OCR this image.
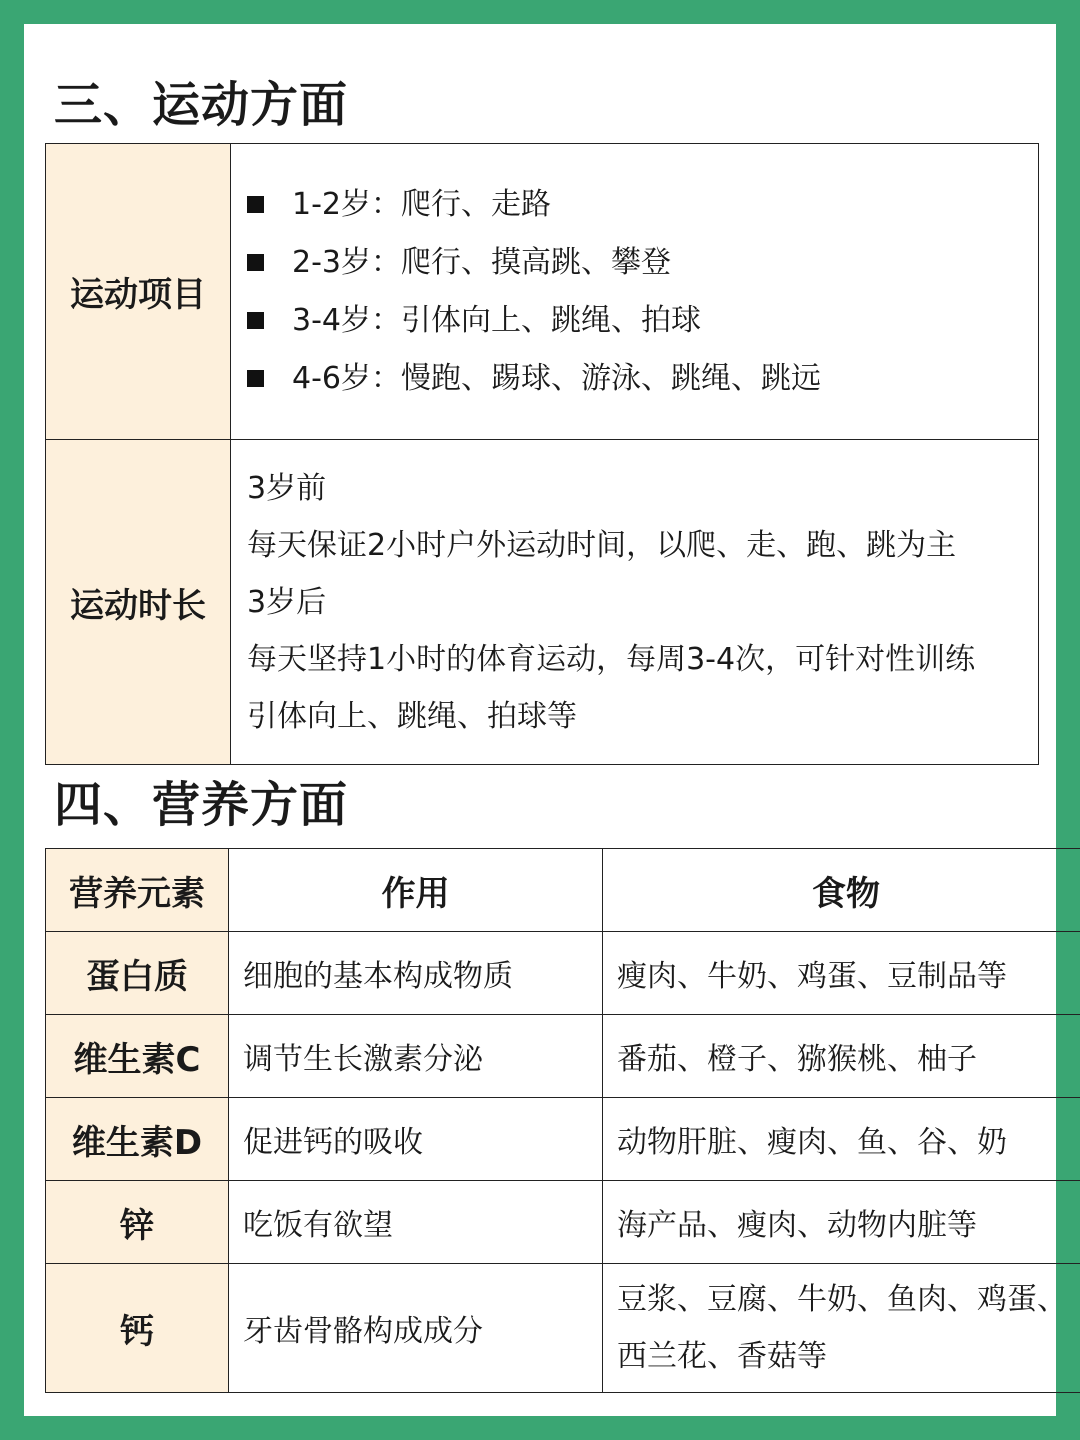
三、运动方面
运动项目	1-2岁：爬行、走路
2-3岁：爬行、摸高跳、攀登
3-4岁：引体向上、跳绳、拍球
4-6岁：慢跑、踢球、游泳、跳绳、跳远

运动时长	3岁前
每天保证2小时户外运动时间，以爬、走、跑、跳为主
3岁后
每天坚持1小时的体育运动，每周3-4次，可针对性训练
引体向上、跳绳、拍球等
四、营养方面
营养元素	作用	食物
蛋白质	细胞的基本构成物质	瘦肉、牛奶、鸡蛋、豆制品等
维生素C	调节生长激素分泌	番茄、橙子、猕猴桃、柚子
维生素D	促进钙的吸收	动物肝脏、瘦肉、鱼、谷、奶
锌	吃饭有欲望	海产品、瘦肉、动物内脏等
钙	牙齿骨骼构成成分	豆浆、豆腐、牛奶、鱼肉、鸡蛋、西兰花、香菇等
